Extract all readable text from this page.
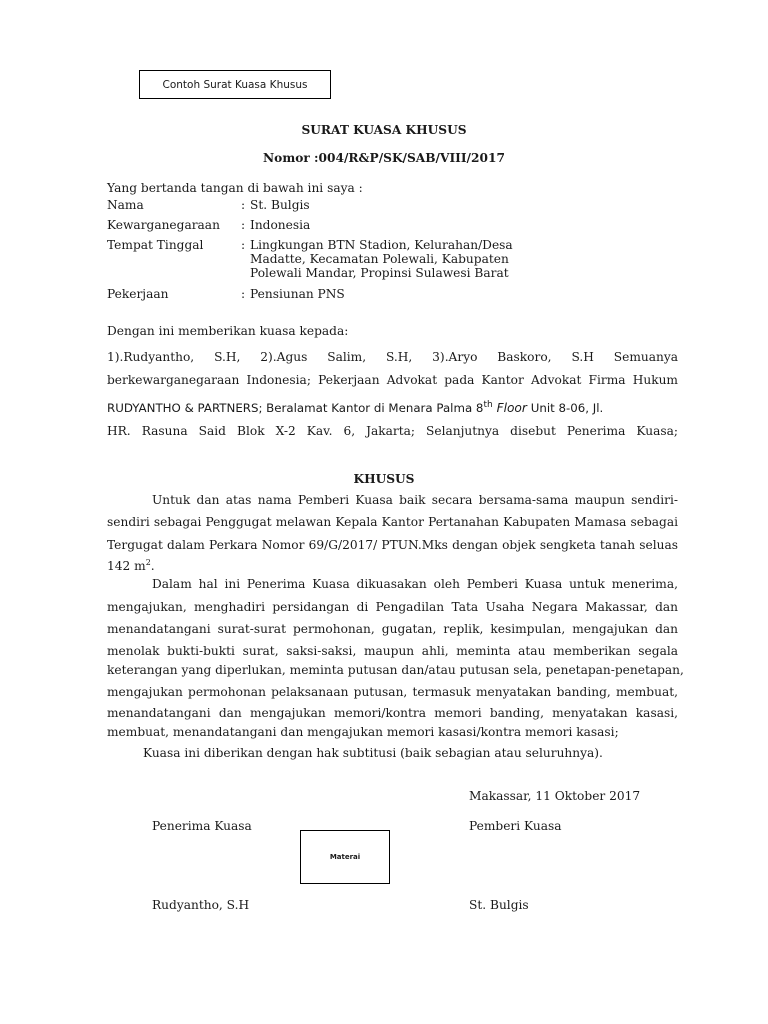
Contoh Surat Kuasa Khusus
SURAT KUASA KHUSUS
Nomor :004/R&P/SK/SAB/VIII/2017
Yang bertanda tangan di bawah ini saya :
Nama	: St. Bulgis
Kewarganegaraan	: Indonesia
Tempat Tinggal	: Lingkungan BTN Stadion, Kelurahan/Desa
Madatte, Kecamatan Polewali, Kabupaten
Polewali Mandar, Propinsi Sulawesi Barat
Pekerjaan	: Pensiunan PNS
Dengan ini memberikan kuasa kepada:
1).Rudyantho, S.H, 2).Agus Salim, S.H, 3).Aryo Baskoro, S.H Semuanya
berkewarganegaraan Indonesia; Pekerjaan Advokat pada Kantor Advokat Firma Hukum
RUDYANTHO & PARTNERS; Beralamat Kantor di Menara Palma 8th Floor Unit 8-06, Jl.
HR. Rasuna Said Blok X-2 Kav. 6, Jakarta; Selanjutnya disebut Penerima Kuasa;
KHUSUS
Untuk dan atas nama Pemberi Kuasa baik secara bersama-sama maupun sendiri-
sendiri sebagai Penggugat melawan Kepala Kantor Pertanahan Kabupaten Mamasa sebagai
Tergugat dalam Perkara Nomor 69/G/2017/ PTUN.Mks dengan objek sengketa tanah seluas
142 $m^2$.
Dalam hal ini Penerima Kuasa dikuasakan oleh Pemberi Kuasa untuk menerima,
mengajukan, menghadiri persidangan di Pengadilan Tata Usaha Negara Makassar, dan
menandatangani surat-surat permohonan, gugatan, replik, kesimpulan, mengajukan dan
menolak bukti-bukti surat, saksi-saksi, maupun ahli, meminta atau memberikan segala
keterangan yang diperlukan, meminta putusan dan/atau putusan sela, penetapan-penetapan,
mengajukan permohonan pelaksanaan putusan, termasuk menyatakan banding, membuat,
menandatangani dan mengajukan memori/kontra memori banding, menyatakan kasasi,
membuat, menandatangani dan mengajukan memori kasasi/kontra memori kasasi;
Kuasa ini diberikan dengan hak subtitusi (baik sebagian atau seluruhnya).
Makassar, 11 Oktober 2017
Penerima Kuasa	Pemberi Kuasa
Materai
Rudyantho, S.H	St. Bulgis
